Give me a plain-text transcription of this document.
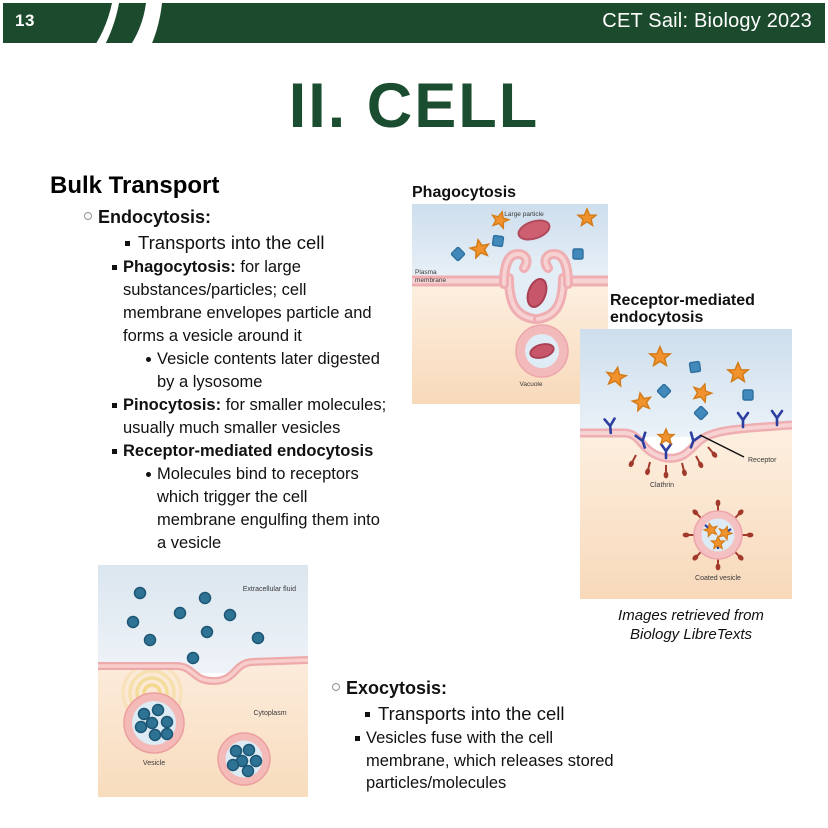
13	CET Sail: Biology 2023
II. CELL
Bulk Transport
Endocytosis:
Transports into the cell
Phagocytosis: for large
substances/particles; cell
membrane envelopes particle and
forms a vesicle around it
Vesicle contents later digested
by a lysosome
Pinocytosis: for smaller molecules;
usually much smaller vesicles
Receptor-mediated endocytosis
Molecules bind to receptors
which trigger the cell
membrane engulfing them into
a vesicle

Phagocytosis

Large particle
Plasma
membrane
Vacuole

Receptor-mediated
endocytosis

Receptor
Clathrin
Coated vesicle
Images retrieved from
Biology LibreTexts
Extracellular fluid
Cytoplasm
Vesicle
Exocytosis:
Transports into the cell
Vesicles fuse with the cell
membrane, which releases stored
particles/molecules
